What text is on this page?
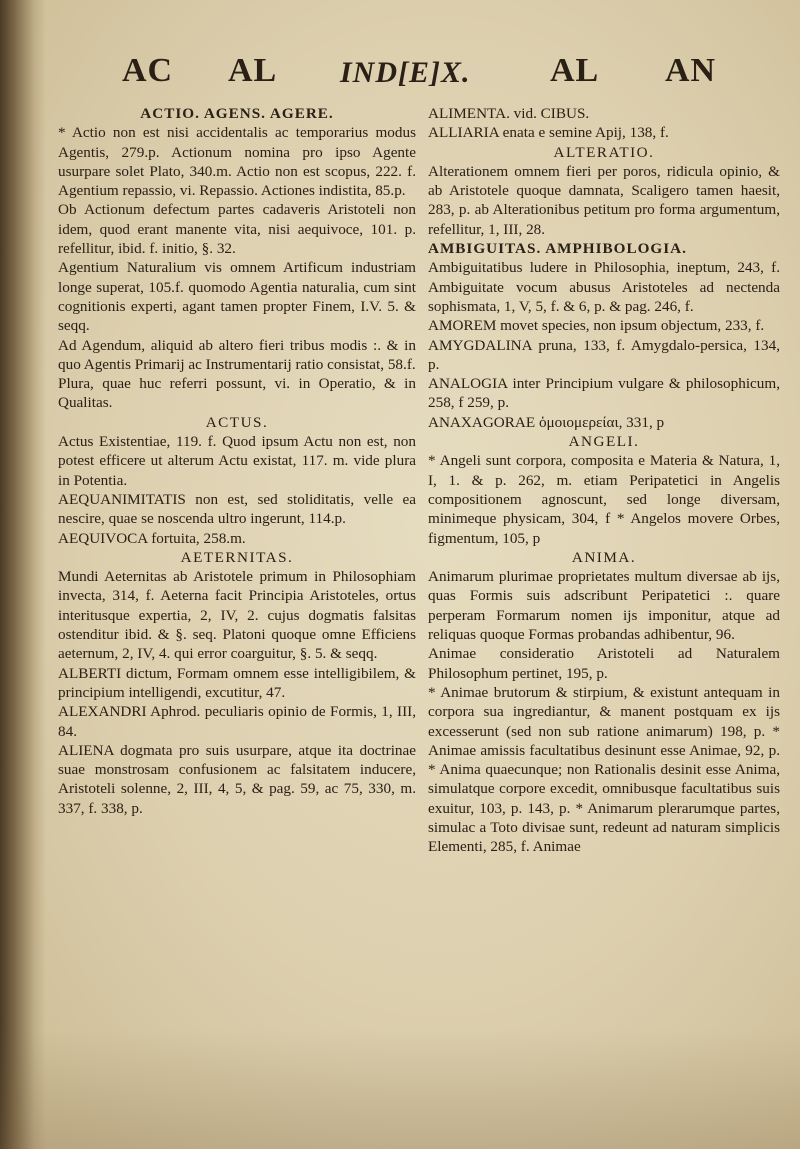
AC AL IND[E]X. AL AN
ACTIO. AGENS. AGERE.
* Actio non est nisi accidentalis ac temporarius modus Agentis, 279.p. Actionum nomina pro ipso Agente usurpare solet Plato, 340.m. Actio non est scopus, 222. f. Agentium repassio, vi. Repassio. Actiones indistita, 85.p.
Ob Actionum defectum partes cadaveris Aristoteli non idem, quod erant manente vita, nisi aequivoce, 101. p. refellitur, ibid. f. initio, §. 32.
Agentium Naturalium vis omnem Artificum industriam longe superat, 105.f. quomodo Agentia naturalia, cum sint cognitionis experti, agant tamen propter Finem, I.V. 5. & seqq.
Ad Agendum, aliquid ab altero fieri tribus modis :. & in quo Agentis Primarij ac Instrumentarij ratio consistat, 58.f.
Plura, quae huc referri possunt, vi. in Operatio, & in Qualitas.
ACTUS.
Actus Existentiae, 119. f. Quod ipsum Actu non est, non potest efficere ut alterum Actu existat, 117. m. vide plura in Potentia.
AEQUANIMITATIS non est, sed stoliditatis, velle ea nescire, quae se noscenda ultro ingerunt, 114.p.
AEQUIVOCA fortuita, 258.m.
AETERNITAS.
Mundi Aeternitas ab Aristotele primum in Philosophiam invecta, 314, f. Aeterna facit Principia Aristoteles, ortus interitusque expertia, 2, IV, 2. cujus dogmatis falsitas ostenditur ibid. & §. seq. Platoni quoque omne Efficiens aeternum, 2, IV, 4. qui error coarguitur, §. 5. & seqq.
ALBERTI dictum, Formam omnem esse intelligibilem, & principium intelligendi, excutitur, 47.
ALEXANDRI Aphrod. peculiaris opinio de Formis, 1, III, 84.
ALIENA dogmata pro suis usurpare, atque ita doctrinae suae monstrosam confusionem ac falsitatem inducere, Aristoteli solenne, 2, III, 4, 5, & pag. 59, ac 75, 330, m. 337, f. 338, p.
ALIMENTA. vid. CIBUS.
ALLIARIA enata e semine Apij, 138, f.
ALTERATIO.
Alterationem omnem fieri per poros, ridicula opinio, & ab Aristotele quoque damnata, Scaligero tamen haesit, 283, p. ab Alterationibus petitum pro forma argumentum, refellitur, 1, III, 28.
AMBIGUITAS. AMPHIBOLOGIA.
Ambiguitatibus ludere in Philosophia, ineptum, 243, f. Ambiguitate vocum abusus Aristoteles ad nectenda sophismata, 1, V, 5, f. & 6, p. & pag. 246, f.
AMOREM movet species, non ipsum objectum, 233, f.
AMYGDALINA pruna, 133, f. Amygdalo-persica, 134, p.
ANALOGIA inter Principium vulgare & philosophicum, 258, f 259, p.
ANAXAGORAE ὁμοιομερείαι, 331, p
ANGELI.
* Angeli sunt corpora, composita e Materia & Natura, 1, I, 1. & p. 262, m. etiam Peripatetici in Angelis compositionem agnoscunt, sed longe diversam, minimeque physicam, 304, f * Angelos movere Orbes, figmentum, 105, p
ANIMA.
Animarum plurimae proprietates multum diversae ab ijs, quas Formis suis adscribunt Peripatetici :. quare perperam Formarum nomen ijs imponitur, atque ad reliquas quoque Formas probandas adhibentur, 96.
Animae consideratio Aristoteli ad Naturalem Philosophum pertinet, 195, p.
* Animae brutorum & stirpium, & existunt antequam in corpora sua ingrediantur, & manent postquam ex ijs excesserunt (sed non sub ratione animarum) 198, p. * Animae amissis facultatibus desinunt esse Animae, 92, p. * Anima quaecunque; non Rationalis desinit esse Anima, simulatque corpore excedit, omnibusque facultatibus suis exuitur, 103, p. 143, p. * Animarum plerarumque partes, simulac a Toto divisae sunt, redeunt ad naturam simplicis Elementi, 285, f. Animae
